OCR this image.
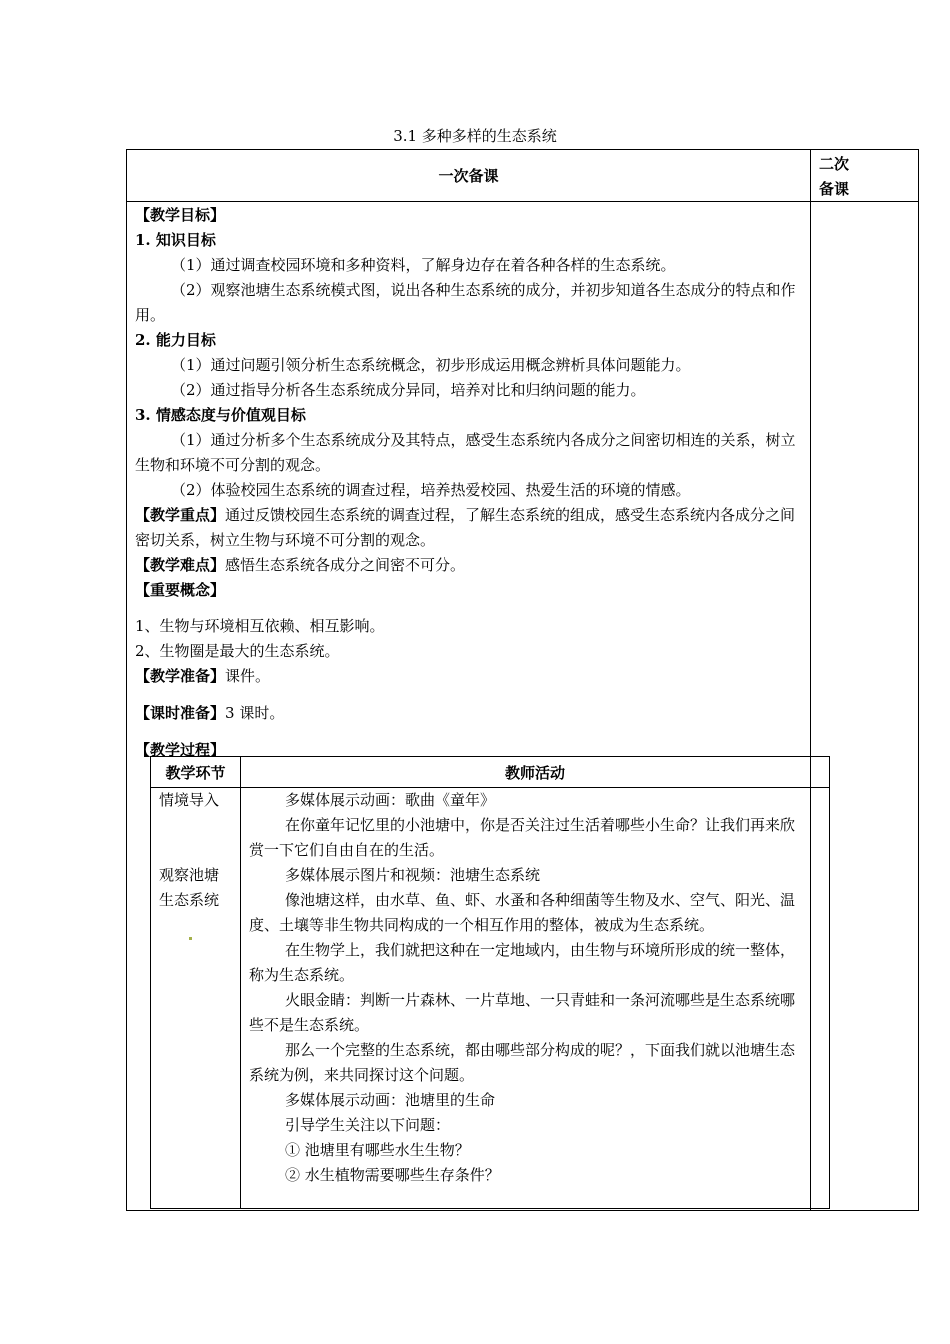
3.1 多种多样的生态系统
一次备课
二次
备课

【教学目标】

1. 知识目标

（1）通过调查校园环境和多种资料，了解身边存在着各种各样的生态系统。

（2）观察池塘生态系统模式图，说出各种生态系统的成分，并初步知道各生态成分的特点和作用。

2. 能力目标

（1）通过问题引领分析生态系统概念，初步形成运用概念辨析具体问题能力。

（2）通过指导分析各生态系统成分异同，培养对比和归纳问题的能力。

3. 情感态度与价值观目标

（1）通过分析多个生态系统成分及其特点，感受生态系统内各成分之间密切相连的关系，树立生物和环境不可分割的观念。

（2）体验校园生态系统的调查过程，培养热爱校园、热爱生活的环境的情感。

【教学重点】通过反馈校园生态系统的调查过程，了解生态系统的组成，感受生态系统内各成分之间密切关系，树立生物与环境不可分割的观念。

【教学难点】感悟生态系统各成分之间密不可分。

【重要概念】

1、生物与环境相互依赖、相互影响。

2、生物圈是最大的生态系统。

【教学准备】课件。

【课时准备】3 课时。

【教学过程】

教学环节	教师活动
情境导入
观察池塘
生态系统

多媒体展示动画：歌曲《童年》

在你童年记忆里的小池塘中，你是否关注过生活着哪些小生命？让我们再来欣赏一下它们自由自在的生活。

多媒体展示图片和视频：池塘生态系统

像池塘这样，由水草、鱼、虾、水蚤和各种细菌等生物及水、空气、阳光、温度、土壤等非生物共同构成的一个相互作用的整体，被成为生态系统。

在生物学上，我们就把这种在一定地域内，由生物与环境所形成的统一整体，称为生态系统。

火眼金睛：判断一片森林、一片草地、一只青蛙和一条河流哪些是生态系统哪些不是生态系统。

那么一个完整的生态系统，都由哪些部分构成的呢？，下面我们就以池塘生态系统为例，来共同探讨这个问题。

多媒体展示动画：池塘里的生命

引导学生关注以下问题：

① 池塘里有哪些水生生物？

② 水生植物需要哪些生存条件？
